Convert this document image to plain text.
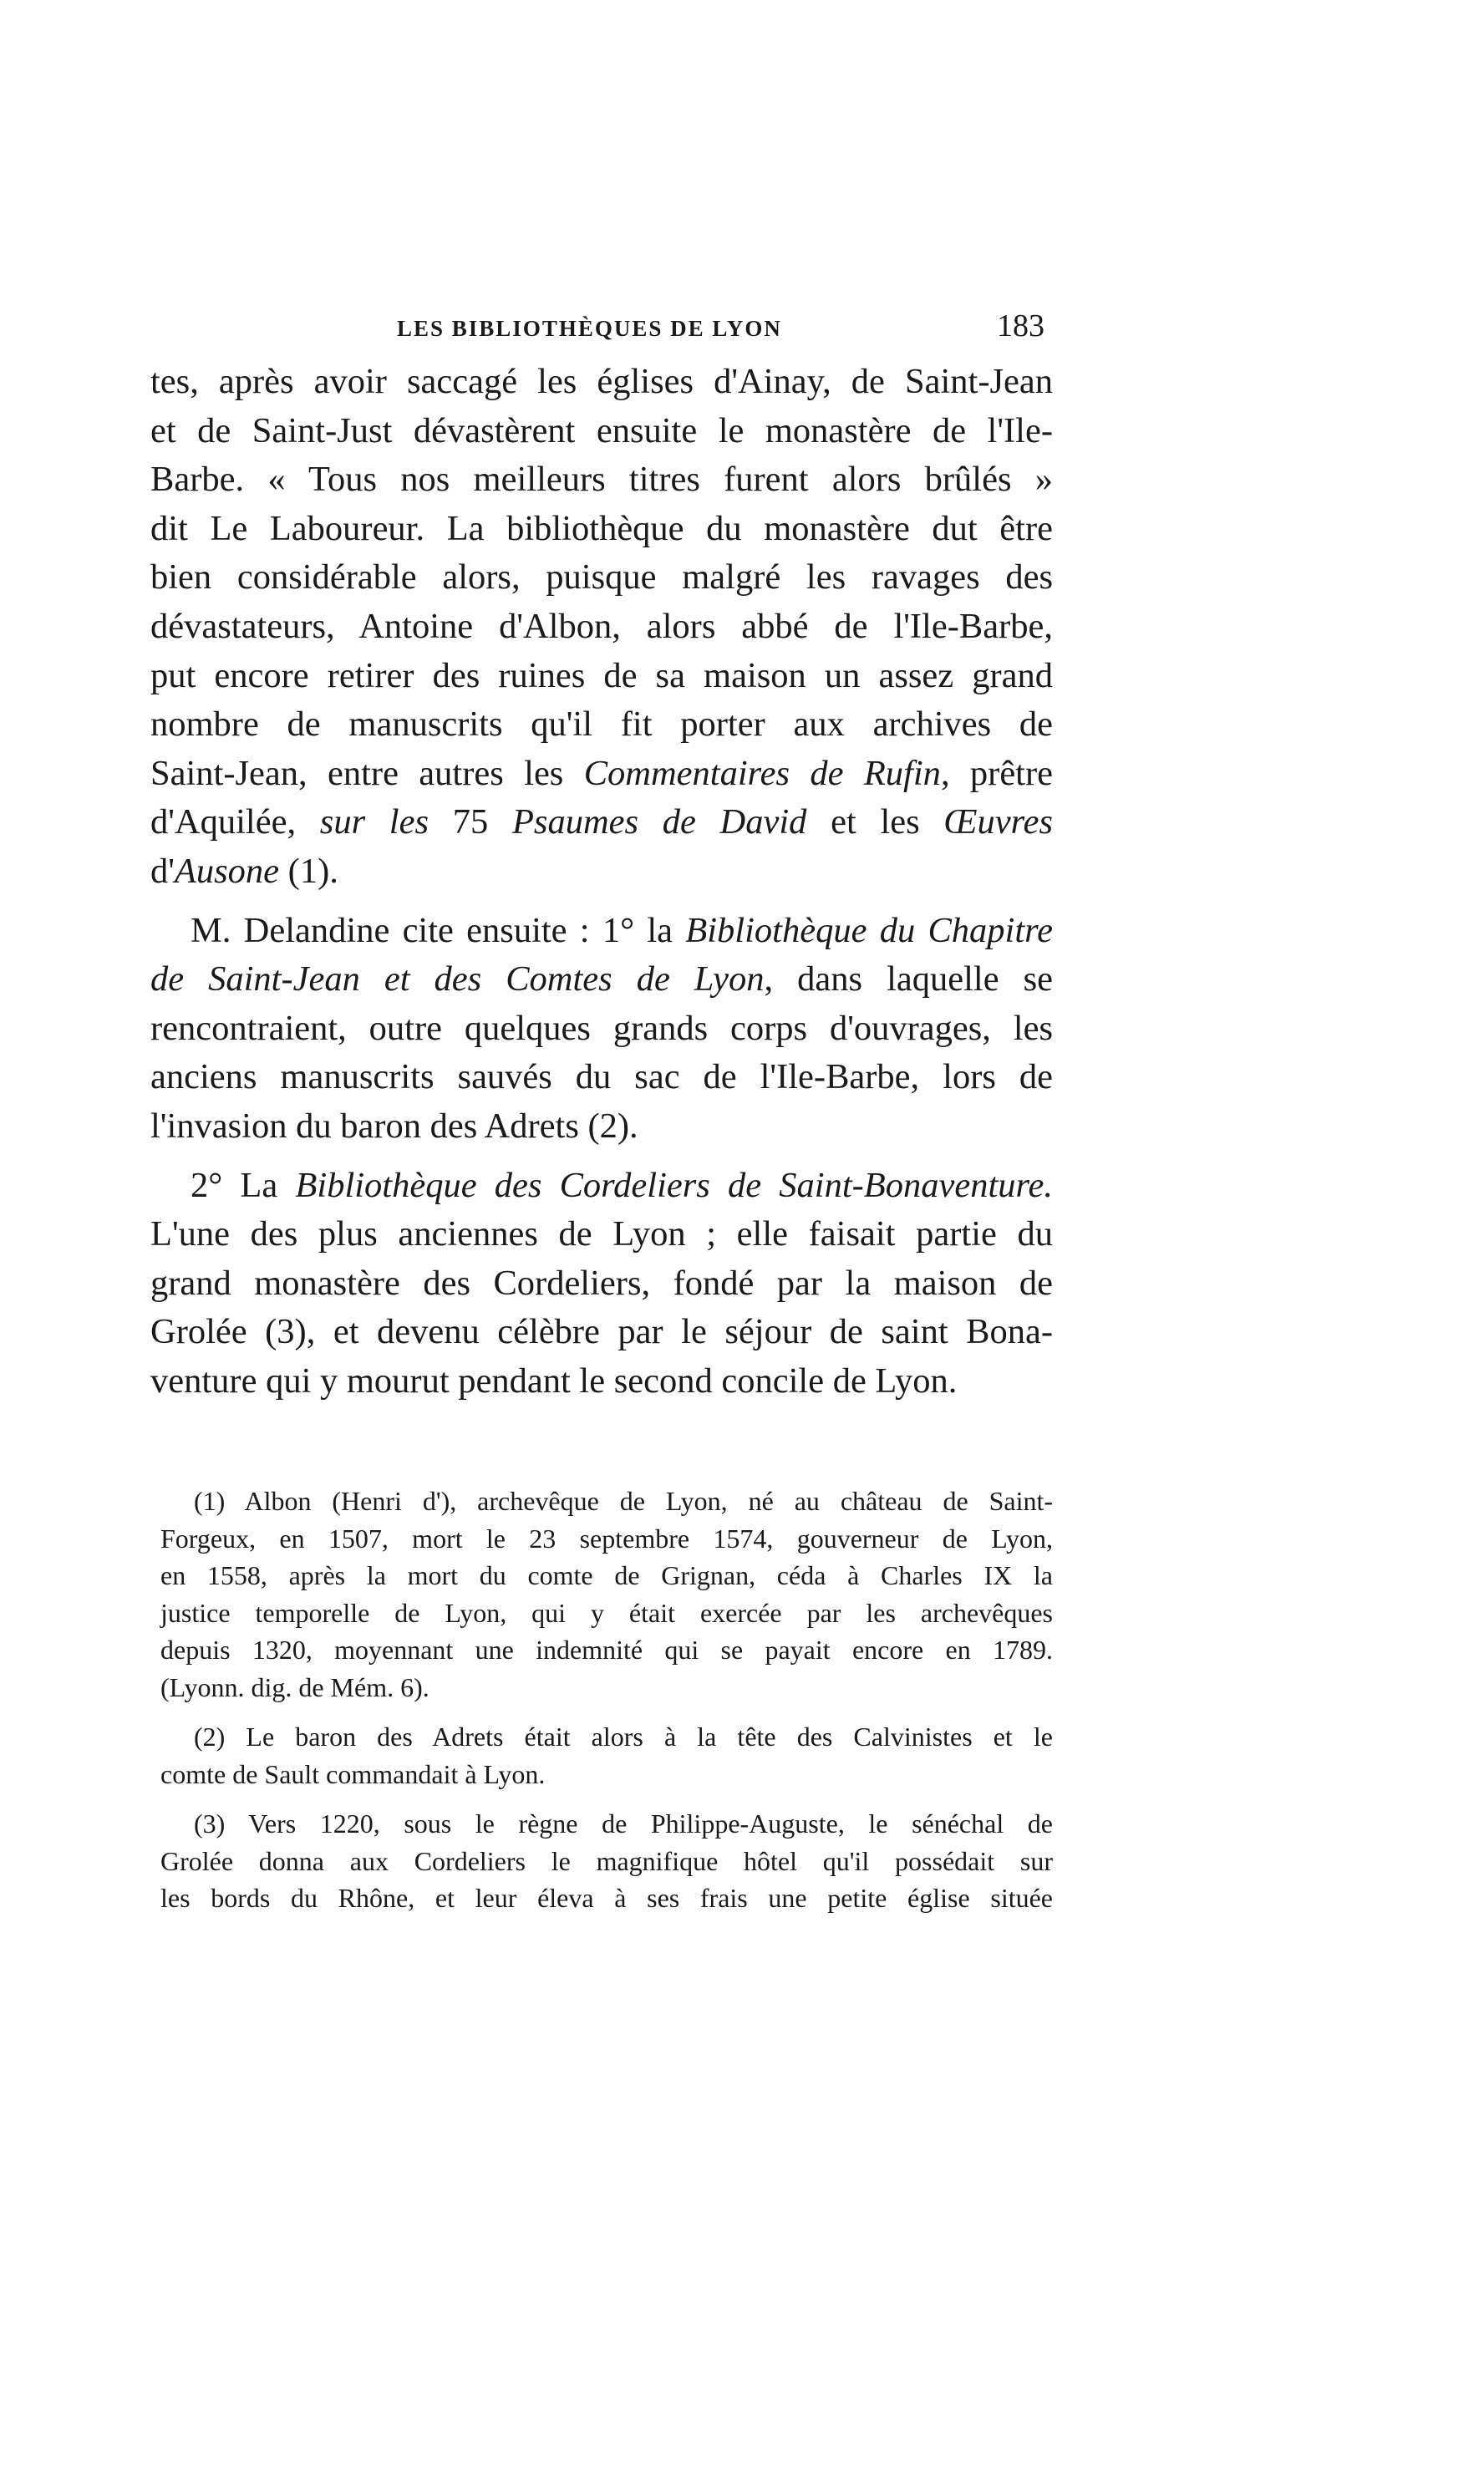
LES BIBLIOTHÈQUES DE LYON	183
tes, après avoir saccagé les églises d'Ainay, de Saint-Jean
et de Saint-Just dévastèrent ensuite le monastère de l'Ile-
Barbe. « Tous nos meilleurs titres furent alors brûlés »
dit Le Laboureur. La bibliothèque du monastère dut être
bien considérable alors, puisque malgré les ravages des
dévastateurs, Antoine d'Albon, alors abbé de l'Ile-Barbe,
put encore retirer des ruines de sa maison un assez grand
nombre de manuscrits qu'il fit porter aux archives de
Saint-Jean, entre autres les Commentaires de Rufin, prêtre
d'Aquilée, sur les 75 Psaumes de David et les Œuvres
d'Ausone (1).
M. Delandine cite ensuite : 1° la Bibliothèque du Chapitre
de Saint-Jean et des Comtes de Lyon, dans laquelle se
rencontraient, outre quelques grands corps d'ouvrages, les
anciens manuscrits sauvés du sac de l'Ile-Barbe, lors de
l'invasion du baron des Adrets (2).
2° La Bibliothèque des Cordeliers de Saint-Bonaventure.
L'une des plus anciennes de Lyon ; elle faisait partie du
grand monastère des Cordeliers, fondé par la maison de
Grolée (3), et devenu célèbre par le séjour de saint Bona-
venture qui y mourut pendant le second concile de Lyon.
(1) Albon (Henri d'), archevêque de Lyon, né au château de Saint-
Forgeux, en 1507, mort le 23 septembre 1574, gouverneur de Lyon,
en 1558, après la mort du comte de Grignan, céda à Charles IX la
justice temporelle de Lyon, qui y était exercée par les archevêques
depuis 1320, moyennant une indemnité qui se payait encore en 1789.
(Lyonn. dig. de Mém. 6).
(2) Le baron des Adrets était alors à la tête des Calvinistes et le
comte de Sault commandait à Lyon.
(3) Vers 1220, sous le règne de Philippe-Auguste, le sénéchal de
Grolée donna aux Cordeliers le magnifique hôtel qu'il possédait sur
les bords du Rhône, et leur éleva à ses frais une petite église située
